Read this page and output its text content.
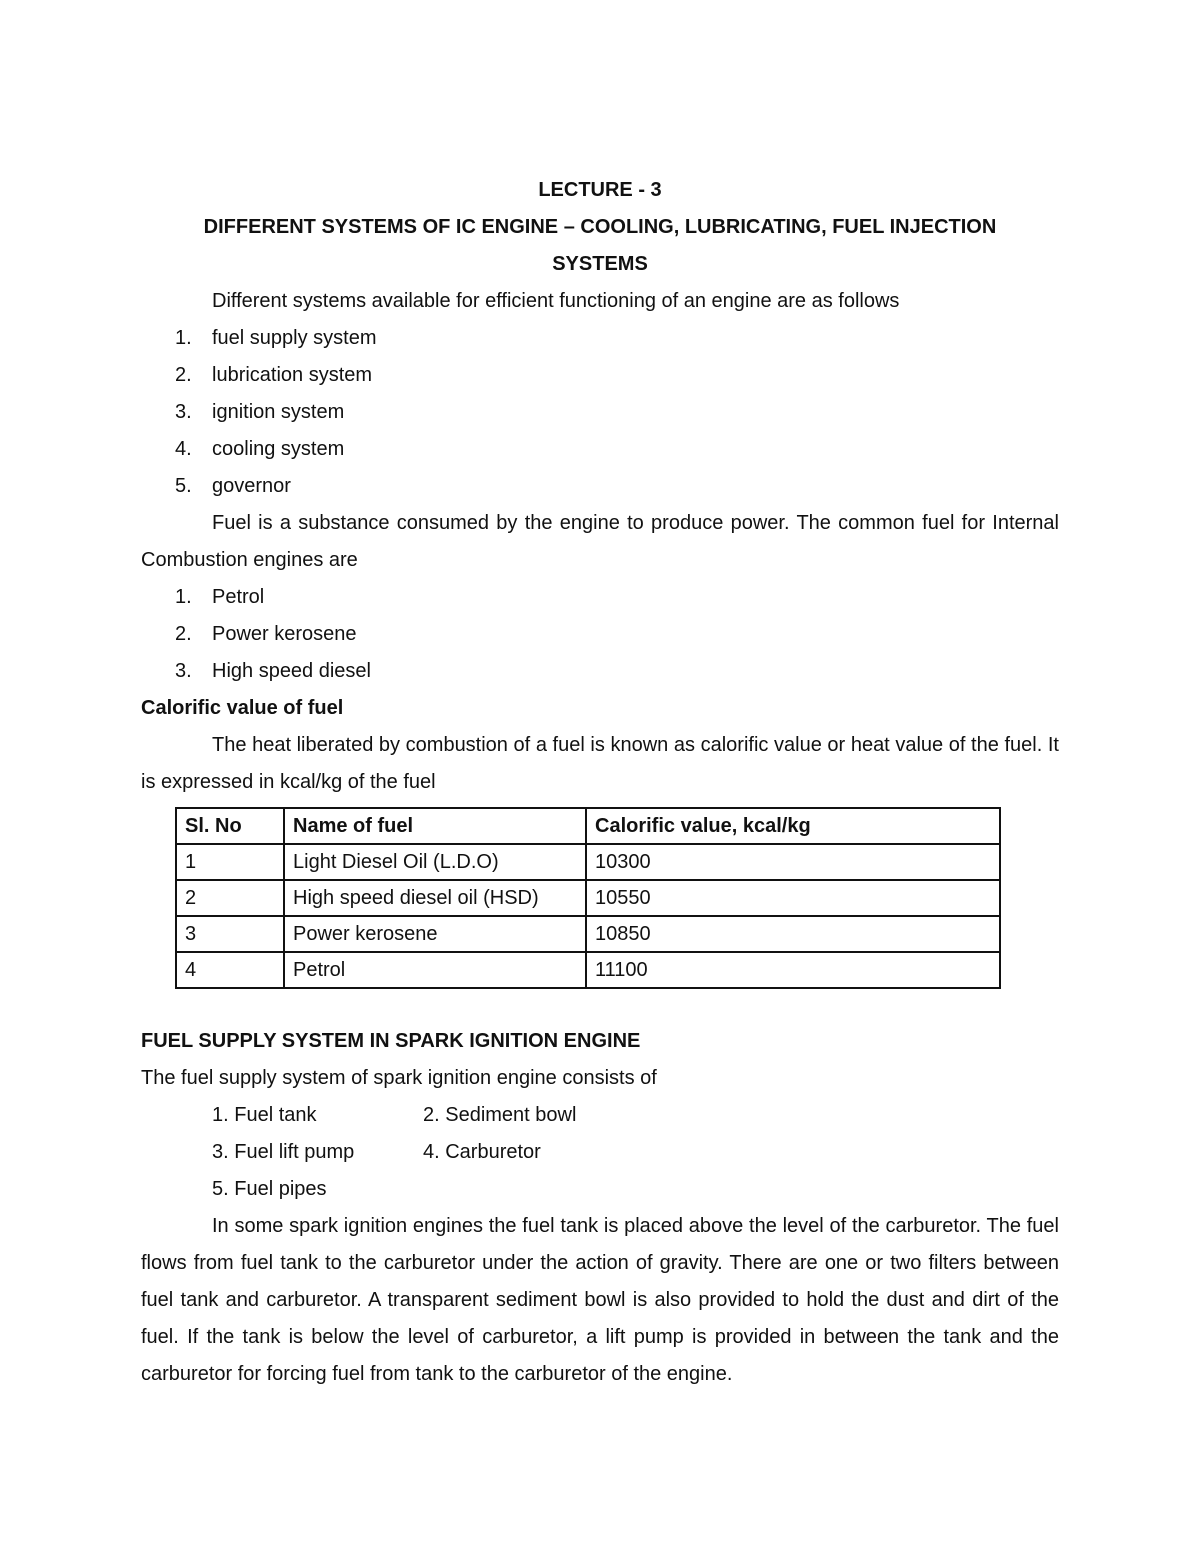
LECTURE - 3
DIFFERENT SYSTEMS OF IC ENGINE – COOLING, LUBRICATING, FUEL INJECTION
SYSTEMS

Different systems available for efficient functioning of an engine are as follows

1. fuel supply system
2. lubrication system
3. ignition system
4. cooling system
5. governor

Fuel is a substance consumed by the engine to produce power. The common fuel for Internal Combustion engines are

1. Petrol
2. Power kerosene
3. High speed diesel
Calorific value of fuel

The heat liberated by combustion of a fuel is known as calorific value or heat value of the fuel. It is expressed in kcal/kg of the fuel

Sl. No	Name of fuel	Calorific value, kcal/kg
1	Light Diesel Oil (L.D.O)	10300
2	High speed diesel oil (HSD)	10550
3	Power kerosene	10850
4	Petrol	11100
FUEL SUPPLY SYSTEM IN SPARK IGNITION ENGINE

The fuel supply system of spark ignition engine consists of

1. Fuel tank	2. Sediment bowl
3. Fuel lift pump	4. Carburetor
5. Fuel pipes

In some spark ignition engines the fuel tank is placed above the level of the carburetor. The fuel flows from fuel tank to the carburetor under the action of gravity. There are one or two filters between fuel tank and carburetor. A transparent sediment bowl is also provided to hold the dust and dirt of the fuel. If the tank is below the level of carburetor, a lift pump is provided in between the tank and the carburetor for forcing fuel from tank to the carburetor of the engine.
